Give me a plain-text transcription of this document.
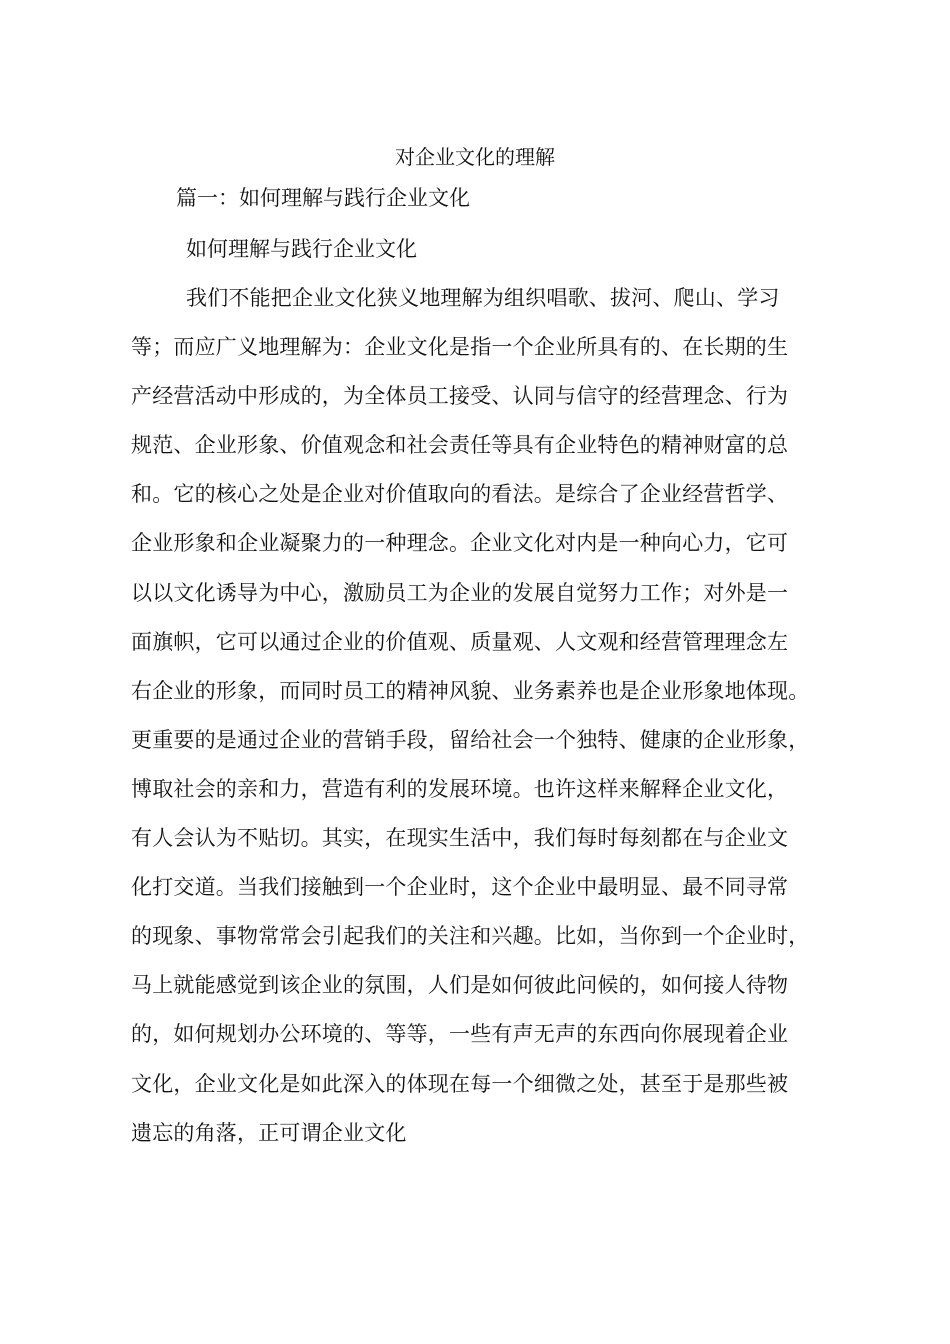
对企业文化的理解
篇一：如何理解与践行企业文化
如何理解与践行企业文化
我们不能把企业文化狭义地理解为组织唱歌、拔河、爬山、学习
等；而应广义地理解为：企业文化是指一个企业所具有的、在长期的生
产经营活动中形成的，为全体员工接受、认同与信守的经营理念、行为
规范、企业形象、价值观念和社会责任等具有企业特色的精神财富的总
和。它的核心之处是企业对价值取向的看法。是综合了企业经营哲学、
企业形象和企业凝聚力的一种理念。企业文化对内是一种向心力，它可
以以文化诱导为中心，激励员工为企业的发展自觉努力工作；对外是一
面旗帜，它可以通过企业的价值观、质量观、人文观和经营管理理念左
右企业的形象，而同时员工的精神风貌、业务素养也是企业形象地体现。
更重要的是通过企业的营销手段，留给社会一个独特、健康的企业形象，
博取社会的亲和力，营造有利的发展环境。也许这样来解释企业文化，
有人会认为不贴切。其实，在现实生活中，我们每时每刻都在与企业文
化打交道。当我们接触到一个企业时，这个企业中最明显、最不同寻常
的现象、事物常常会引起我们的关注和兴趣。比如，当你到一个企业时，
马上就能感觉到该企业的氛围，人们是如何彼此问候的，如何接人待物
的，如何规划办公环境的、等等，一些有声无声的东西向你展现着企业
文化，企业文化是如此深入的体现在每一个细微之处，甚至于是那些被
遗忘的角落，正可谓企业文化
